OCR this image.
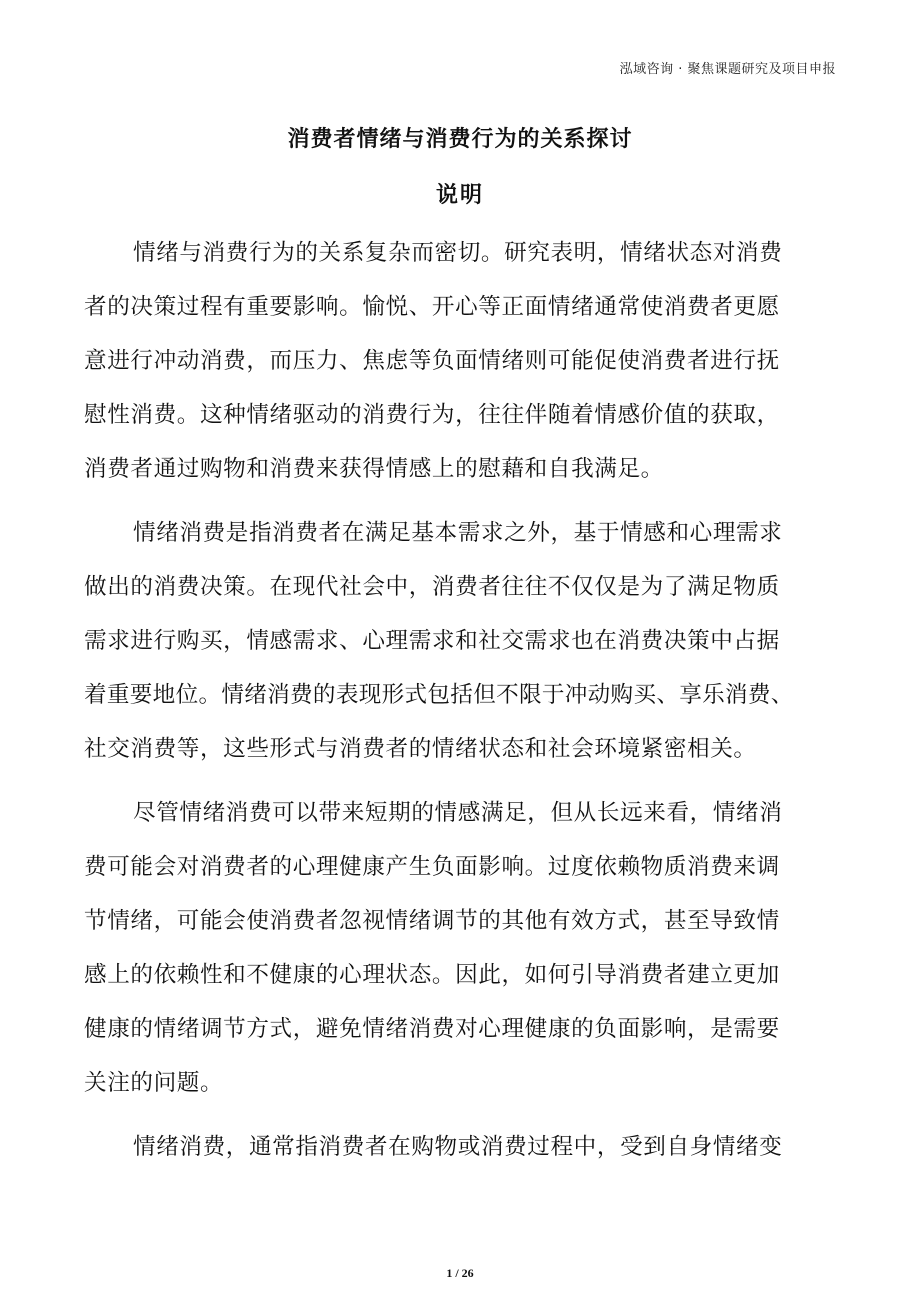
泓域咨询 · 聚焦课题研究及项目申报
消费者情绪与消费行为的关系探讨
说明
情绪与消费行为的关系复杂而密切。研究表明，情绪状态对消费
者的决策过程有重要影响。愉悦、开心等正面情绪通常使消费者更愿
意进行冲动消费，而压力、焦虑等负面情绪则可能促使消费者进行抚
慰性消费。这种情绪驱动的消费行为，往往伴随着情感价值的获取，
消费者通过购物和消费来获得情感上的慰藉和自我满足。
情绪消费是指消费者在满足基本需求之外，基于情感和心理需求
做出的消费决策。在现代社会中，消费者往往不仅仅是为了满足物质
需求进行购买，情感需求、心理需求和社交需求也在消费决策中占据
着重要地位。情绪消费的表现形式包括但不限于冲动购买、享乐消费、
社交消费等，这些形式与消费者的情绪状态和社会环境紧密相关。
尽管情绪消费可以带来短期的情感满足，但从长远来看，情绪消
费可能会对消费者的心理健康产生负面影响。过度依赖物质消费来调
节情绪，可能会使消费者忽视情绪调节的其他有效方式，甚至导致情
感上的依赖性和不健康的心理状态。因此，如何引导消费者建立更加
健康的情绪调节方式，避免情绪消费对心理健康的负面影响，是需要
关注的问题。
情绪消费，通常指消费者在购物或消费过程中，受到自身情绪变
1 / 26
